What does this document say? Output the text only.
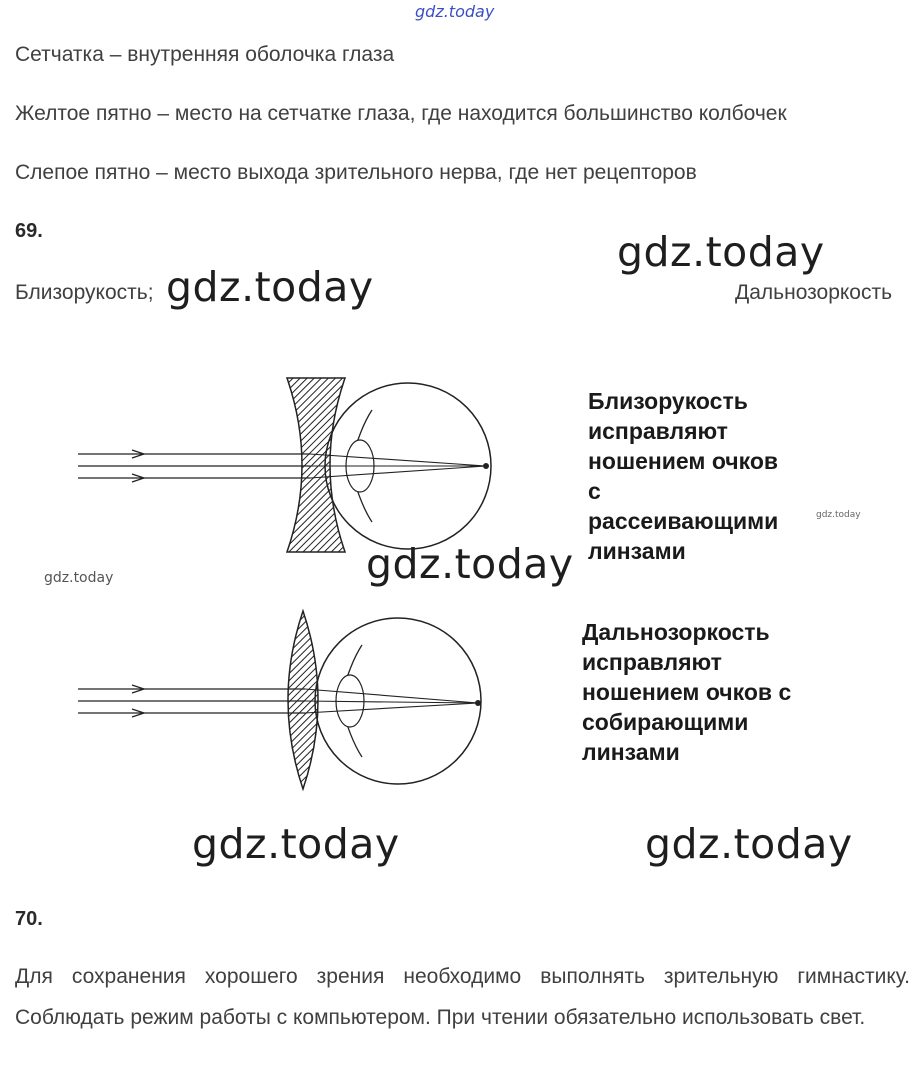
gdz.today
Сетчатка – внутренняя оболочка глаза
Желтое пятно – место на сетчатке глаза, где находится большинство колбочек
Слепое пятно – место выхода зрительного нерва, где нет рецепторов
69.	gdz.today
Близорукость; gdz.today	Дальнозоркость
Близорукость
исправляют
ношением очков
с
рассеивающими
линзами
gdz.today
gdz.today
gdz.today
Дальнозоркость
исправляют
ношением очков с
собирающими
линзами
gdz.today	gdz.today
70.
Для сохранения хорошего зрения необходимо выполнять зрительную гимнастику. Соблюдать режим работы с компьютером. При чтении обязательно использовать свет.
